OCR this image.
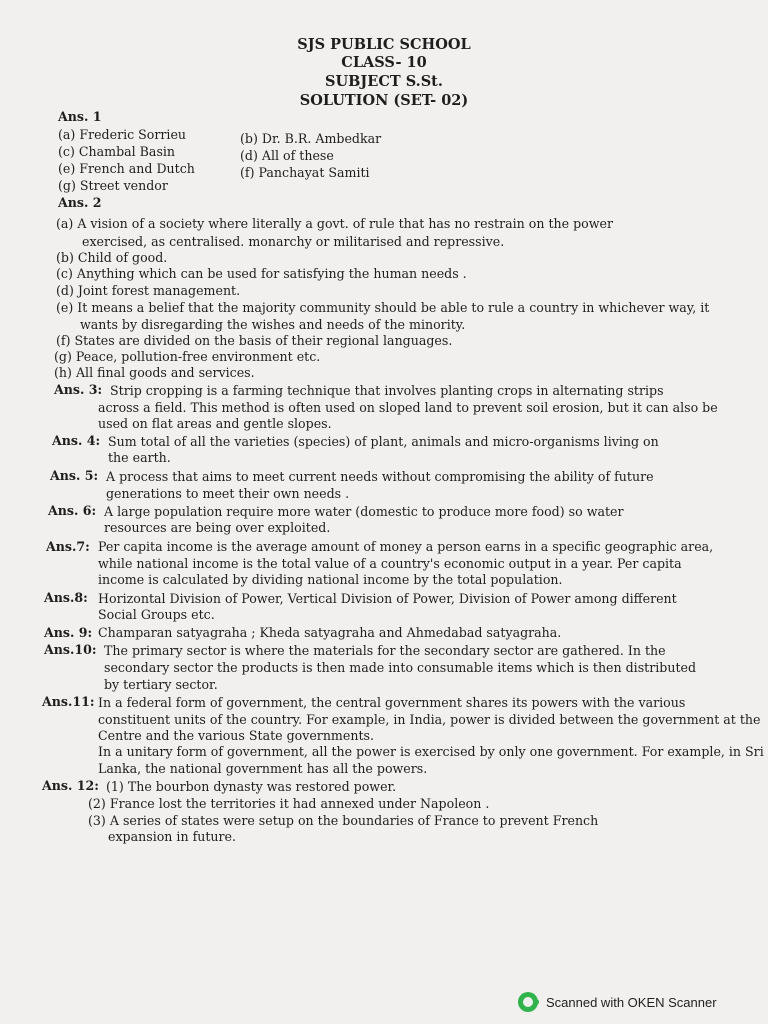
SJS PUBLIC SCHOOL
CLASS- 10
SUBJECT S.St.
SOLUTION (SET- 02)
Ans. 1
(a) Frederic Sorrieu
(c) Chambal Basin
(e) French and Dutch
(g) Street vendor
(b) Dr. B.R. Ambedkar
(d) All of these
(f) Panchayat Samiti
Ans. 2
(a) A vision of a society where literally a govt. of rule that has no restrain on the power
exercised, as centralised. monarchy or militarised and repressive.
(b) Child of good.
(c) Anything which can be used for satisfying the human needs .
(d) Joint forest management.
(e) It means a belief that the majority community should be able to rule a country in whichever way, it
wants by disregarding the wishes and needs of the minority.
(f) States are divided on the basis of their regional languages.
(g) Peace, pollution-free environment etc.
(h) All final goods and services.
Ans. 3: Strip cropping is a farming technique that involves planting crops in alternating strips
across a field. This method is often used on sloped land to prevent soil erosion, but it can also be
used on flat areas and gentle slopes.
Ans. 4: Sum total of all the varieties (species) of plant, animals and micro-organisms living on
the earth.
Ans. 5: A process that aims to meet current needs without compromising the ability of future
generations to meet their own needs .
Ans. 6: A large population require more water (domestic to produce more food) so water
resources are being over exploited.
Ans.7: Per capita income is the average amount of money a person earns in a specific geographic area,
while national income is the total value of a country's economic output in a year. Per capita
income is calculated by dividing national income by the total population.
Ans.8: Horizontal Division of Power, Vertical Division of Power, Division of Power among different
Social Groups etc.
Ans. 9: Champaran satyagraha ; Kheda satyagraha and Ahmedabad satyagraha.
Ans.10: The primary sector is where the materials for the secondary sector are gathered. In the
secondary sector the products is then made into consumable items which is then distributed
by tertiary sector.
Ans.11: In a federal form of government, the central government shares its powers with the various
constituent units of the country. For example, in India, power is divided between the government at the
Centre and the various State governments.
In a unitary form of government, all the power is exercised by only one government. For example, in Sri
Lanka, the national government has all the powers.
Ans. 12: (1) The bourbon dynasty was restored power.
(2) France lost the territories it had annexed under Napoleon .
(3) A series of states were setup on the boundaries of France to prevent French
expansion in future.
Scanned with OKEN Scanner
